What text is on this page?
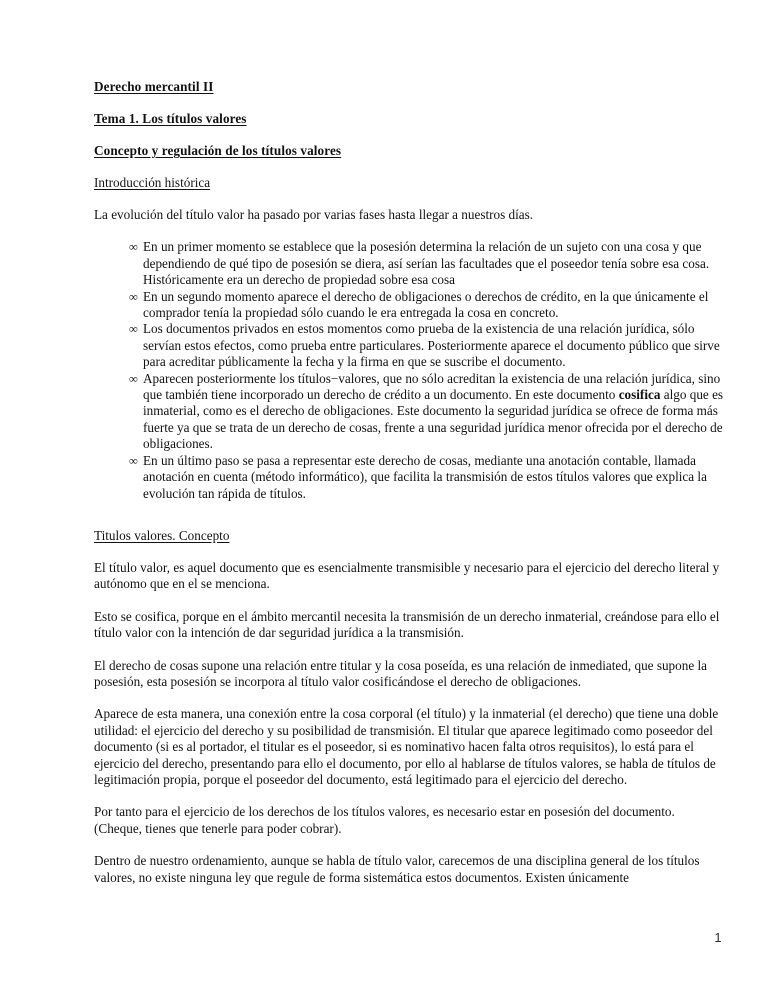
Derecho mercantil II
Tema 1. Los títulos valores
Concepto y regulación de los títulos valores
Introducción histórica

La evolución del título valor ha pasado por varias fases hasta llegar a nuestros días.

∞ En un primer momento se establece que la posesión determina la relación de un sujeto con una cosa y que dependiendo de qué tipo de posesión se diera, así serían las facultades que el poseedor tenía sobre esa cosa. Históricamente era un derecho de propiedad sobre esa cosa
∞ En un segundo momento aparece el derecho de obligaciones o derechos de crédito, en la que únicamente el comprador tenía la propiedad sólo cuando le era entregada la cosa en concreto.
∞ Los documentos privados en estos momentos como prueba de la existencia de una relación jurídica, sólo servían estos efectos, como prueba entre particulares. Posteriormente aparece el documento público que sirve para acreditar públicamente la fecha y la firma en que se suscribe el documento.
∞ Aparecen posteriormente los títulos−valores, que no sólo acreditan la existencia de una relación jurídica, sino que también tiene incorporado un derecho de crédito a un documento. En este documento cosifica algo que es inmaterial, como es el derecho de obligaciones. Este documento la seguridad jurídica se ofrece de forma más fuerte ya que se trata de un derecho de cosas, frente a una seguridad jurídica menor ofrecida por el derecho de obligaciones.
∞ En un último paso se pasa a representar este derecho de cosas, mediante una anotación contable, llamada anotación en cuenta (método informático), que facilita la transmisión de estos títulos valores que explica la evolución tan rápida de títulos.
Titulos valores. Concepto

El título valor, es aquel documento que es esencialmente transmisible y necesario para el ejercicio del derecho literal y autónomo que en el se menciona.

Esto se cosifica, porque en el ámbito mercantil necesita la transmisión de un derecho inmaterial, creándose para ello el título valor con la intención de dar seguridad jurídica a la transmisión.

El derecho de cosas supone una relación entre titular y la cosa poseída, es una relación de inmediated, que supone la posesión, esta posesión se incorpora al título valor cosificándose el derecho de obligaciones.

Aparece de esta manera, una conexión entre la cosa corporal (el título) y la inmaterial (el derecho) que tiene una doble utilidad: el ejercicio del derecho y su posibilidad de transmisión. El titular que aparece legitimado como poseedor del documento (si es al portador, el titular es el poseedor, si es nominativo hacen falta otros requisitos), lo está para el ejercicio del derecho, presentando para ello el documento, por ello al hablarse de títulos valores, se habla de títulos de legitimación propia, porque el poseedor del documento, está legitimado para el ejercicio del derecho.

Por tanto para el ejercicio de los derechos de los títulos valores, es necesario estar en posesión del documento. (Cheque, tienes que tenerle para poder cobrar).

Dentro de nuestro ordenamiento, aunque se habla de título valor, carecemos de una disciplina general de los títulos valores, no existe ninguna ley que regule de forma sistemática estos documentos. Existen únicamente

1
